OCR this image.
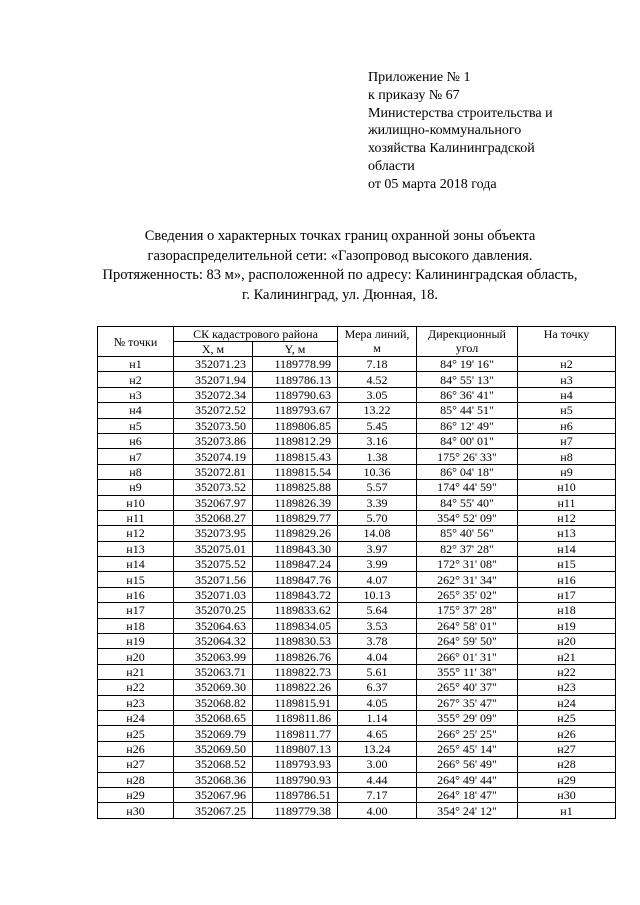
Приложение № 1
к приказу № 67
Министерства строительства и
жилищно-коммунального
хозяйства Калининградской
области
от 05 марта 2018 года
Сведения о характерных точках границ охранной зоны объекта
газораспределительной сети: «Газопровод высокого давления.
Протяженность: 83 м», расположенной по адресу: Калининградская область,
г. Калининград, ул. Дюнная, 18.
№ точки	СК кадастрового района		Мера линий, м	Дирекционный угол	На точку
	X, м	Y, м			
н1	352071.23	1189778.99	7.18	84° 19' 16"	н2
н2	352071.94	1189786.13	4.52	84° 55' 13"	н3
н3	352072.34	1189790.63	3.05	86° 36' 41"	н4
н4	352072.52	1189793.67	13.22	85° 44' 51"	н5
н5	352073.50	1189806.85	5.45	86° 12' 49"	н6
н6	352073.86	1189812.29	3.16	84° 00' 01"	н7
н7	352074.19	1189815.43	1.38	175° 26' 33"	н8
н8	352072.81	1189815.54	10.36	86° 04' 18"	н9
н9	352073.52	1189825.88	5.57	174° 44' 59"	н10
н10	352067.97	1189826.39	3.39	84° 55' 40"	н11
н11	352068.27	1189829.77	5.70	354° 52' 09"	н12
н12	352073.95	1189829.26	14.08	85° 40' 56"	н13
н13	352075.01	1189843.30	3.97	82° 37' 28"	н14
н14	352075.52	1189847.24	3.99	172° 31' 08"	н15
н15	352071.56	1189847.76	4.07	262° 31' 34"	н16
н16	352071.03	1189843.72	10.13	265° 35' 02"	н17
н17	352070.25	1189833.62	5.64	175° 37' 28"	н18
н18	352064.63	1189834.05	3.53	264° 58' 01"	н19
н19	352064.32	1189830.53	3.78	264° 59' 50"	н20
н20	352063.99	1189826.76	4.04	266° 01' 31"	н21
н21	352063.71	1189822.73	5.61	355° 11' 38"	н22
н22	352069.30	1189822.26	6.37	265° 40' 37"	н23
н23	352068.82	1189815.91	4.05	267° 35' 47"	н24
н24	352068.65	1189811.86	1.14	355° 29' 09"	н25
н25	352069.79	1189811.77	4.65	266° 25' 25"	н26
н26	352069.50	1189807.13	13.24	265° 45' 14"	н27
н27	352068.52	1189793.93	3.00	266° 56' 49"	н28
н28	352068.36	1189790.93	4.44	264° 49' 44"	н29
н29	352067.96	1189786.51	7.17	264° 18' 47"	н30
н30	352067.25	1189779.38	4.00	354° 24' 12"	н1
